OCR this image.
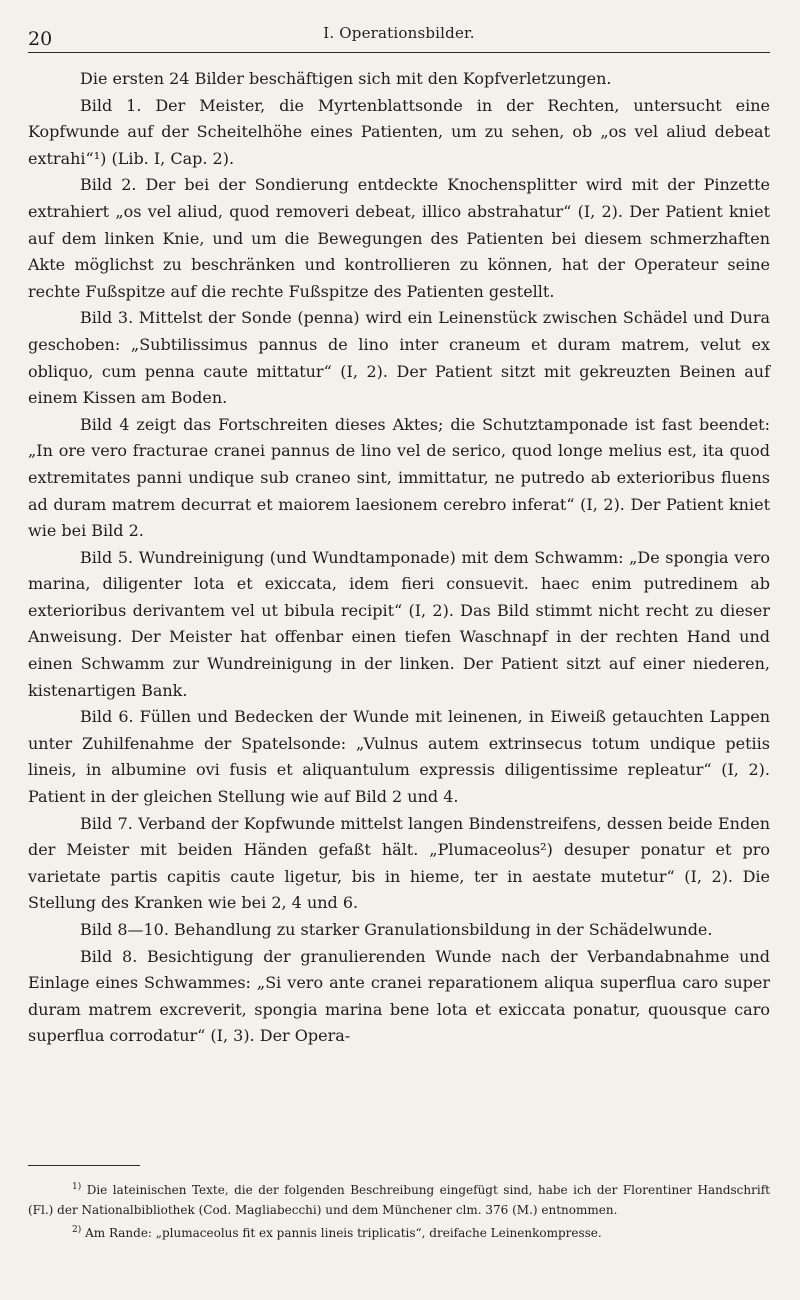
20	I. Operationsbilder.

Die ersten 24 Bilder beschäftigen sich mit den Kopfverletzungen.

Bild 1. Der Meister, die Myrtenblattsonde in der Rechten, untersucht eine Kopfwunde auf der Scheitelhöhe eines Patienten, um zu sehen, ob „os vel aliud debeat extrahi“¹) (Lib. I, Cap. 2).

Bild 2. Der bei der Sondierung entdeckte Knochensplitter wird mit der Pinzette extrahiert „os vel aliud, quod removeri debeat, illico abstrahatur“ (I, 2). Der Patient kniet auf dem linken Knie, und um die Bewegungen des Patienten bei diesem schmerzhaften Akte möglichst zu beschränken und kontrollieren zu können, hat der Operateur seine rechte Fußspitze auf die rechte Fußspitze des Patienten gestellt.

Bild 3. Mittelst der Sonde (penna) wird ein Leinenstück zwischen Schädel und Dura geschoben: „Subtilissimus pannus de lino inter craneum et duram matrem, velut ex obliquo, cum penna caute mittatur“ (I, 2). Der Patient sitzt mit gekreuzten Beinen auf einem Kissen am Boden.

Bild 4 zeigt das Fortschreiten dieses Aktes; die Schutztamponade ist fast beendet: „In ore vero fracturae cranei pannus de lino vel de serico, quod longe melius est, ita quod extremitates panni undique sub craneo sint, immittatur, ne putredo ab exterioribus fluens ad duram matrem decurrat et maiorem laesionem cerebro inferat“ (I, 2). Der Patient kniet wie bei Bild 2.

Bild 5. Wundreinigung (und Wundtamponade) mit dem Schwamm: „De spongia vero marina, diligenter lota et exiccata, idem fieri consuevit. haec enim putredinem ab exterioribus derivantem vel ut bibula recipit“ (I, 2). Das Bild stimmt nicht recht zu dieser Anweisung. Der Meister hat offenbar einen tiefen Waschnapf in der rechten Hand und einen Schwamm zur Wundreinigung in der linken. Der Patient sitzt auf einer niederen, kistenartigen Bank.

Bild 6. Füllen und Bedecken der Wunde mit leinenen, in Eiweiß getauchten Lappen unter Zuhilfenahme der Spatelsonde: „Vulnus autem extrinsecus totum undique petiis lineis, in albumine ovi fusis et aliquantulum expressis diligentissime repleatur“ (I, 2). Patient in der gleichen Stellung wie auf Bild 2 und 4.

Bild 7. Verband der Kopfwunde mittelst langen Bindenstreifens, dessen beide Enden der Meister mit beiden Händen gefaßt hält. „Plumaceolus²) desuper ponatur et pro varietate partis capitis caute ligetur, bis in hieme, ter in aestate mutetur“ (I, 2). Die Stellung des Kranken wie bei 2, 4 und 6.

Bild 8—10. Behandlung zu starker Granulationsbildung in der Schädelwunde.

Bild 8. Besichtigung der granulierenden Wunde nach der Verbandabnahme und Einlage eines Schwammes: „Si vero ante cranei reparationem aliqua superflua caro super duram matrem excreverit, spongia marina bene lota et exiccata ponatur, quousque caro superflua corrodatur“ (I, 3). Der Opera-

$^{1)}$ Die lateinischen Texte, die der folgenden Beschreibung eingefügt sind, habe ich der Florentiner Handschrift (Fl.) der Nationalbibliothek (Cod. Magliabecchi) und dem Münchener clm. 376 (M.) entnommen.

$^{2)}$ Am Rande: „plumaceolus fit ex pannis lineis triplicatis“, dreifache Leinenkompresse.
